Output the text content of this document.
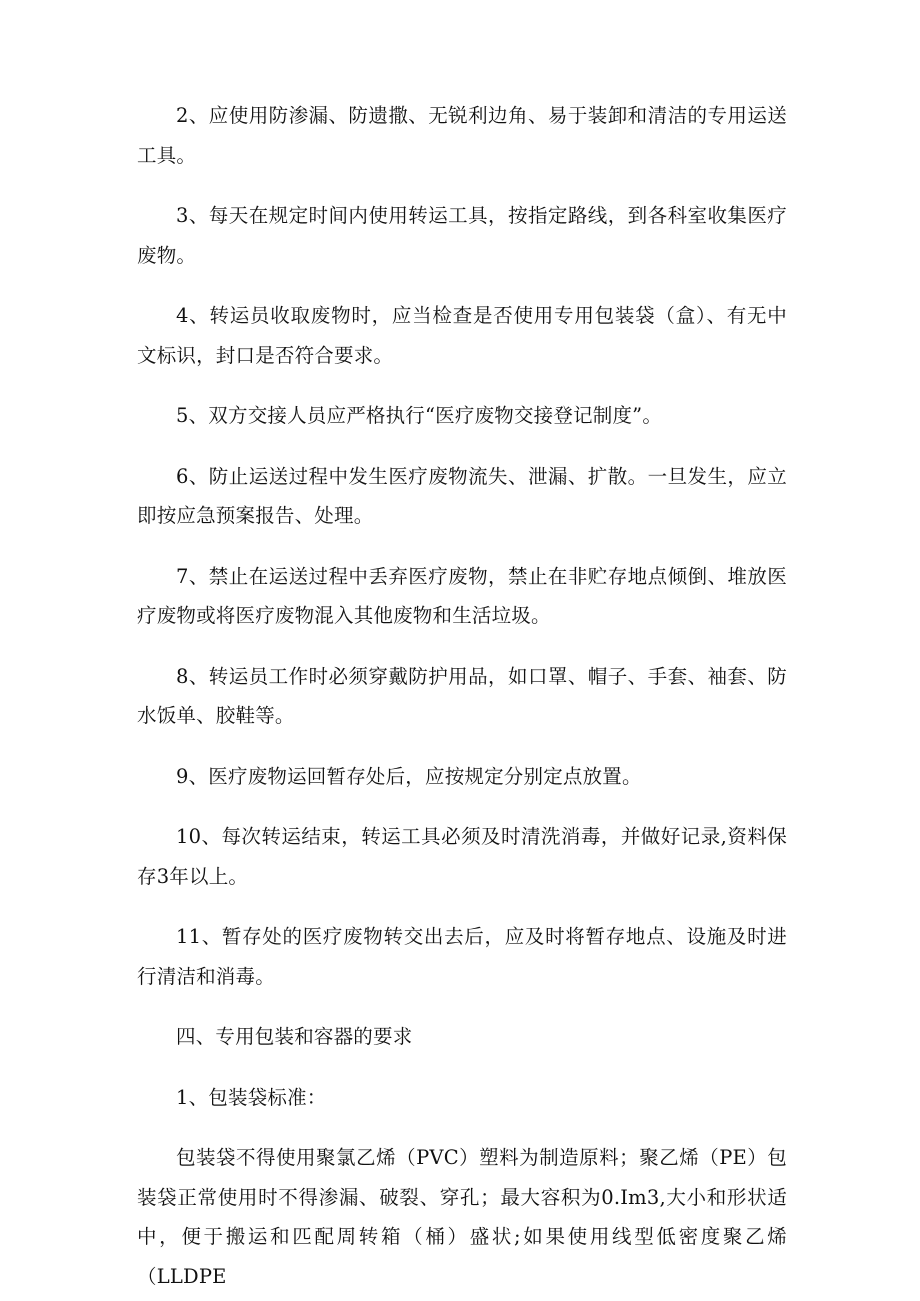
2、应使用防渗漏、防遗撒、无锐利边角、易于装卸和清洁的专用运送工具。

3、每天在规定时间内使用转运工具，按指定路线，到各科室收集医疗废物。

4、转运员收取废物时，应当检查是否使用专用包装袋（盒）、有无中文标识，封口是否符合要求。

5、双方交接人员应严格执行“医疗废物交接登记制度”。

6、防止运送过程中发生医疗废物流失、泄漏、扩散。一旦发生，应立即按应急预案报告、处理。

7、禁止在运送过程中丢弃医疗废物，禁止在非贮存地点倾倒、堆放医疗废物或将医疗废物混入其他废物和生活垃圾。

8、转运员工作时必须穿戴防护用品，如口罩、帽子、手套、袖套、防水饭单、胶鞋等。

9、医疗废物运回暂存处后，应按规定分别定点放置。

10、每次转运结束，转运工具必须及时清洗消毒，并做好记录,资料保存3年以上。

11、暂存处的医疗废物转交出去后，应及时将暂存地点、设施及时进行清洁和消毒。

四、专用包装和容器的要求

1、包装袋标准：

包装袋不得使用聚氯乙烯（PVC）塑料为制造原料；聚乙烯（PE）包装袋正常使用时不得渗漏、破裂、穿孔；最大容积为0.Im3,大小和形状适中，便于搬运和匹配周转箱（桶）盛状;如果使用线型低密度聚乙烯（LLDPE
